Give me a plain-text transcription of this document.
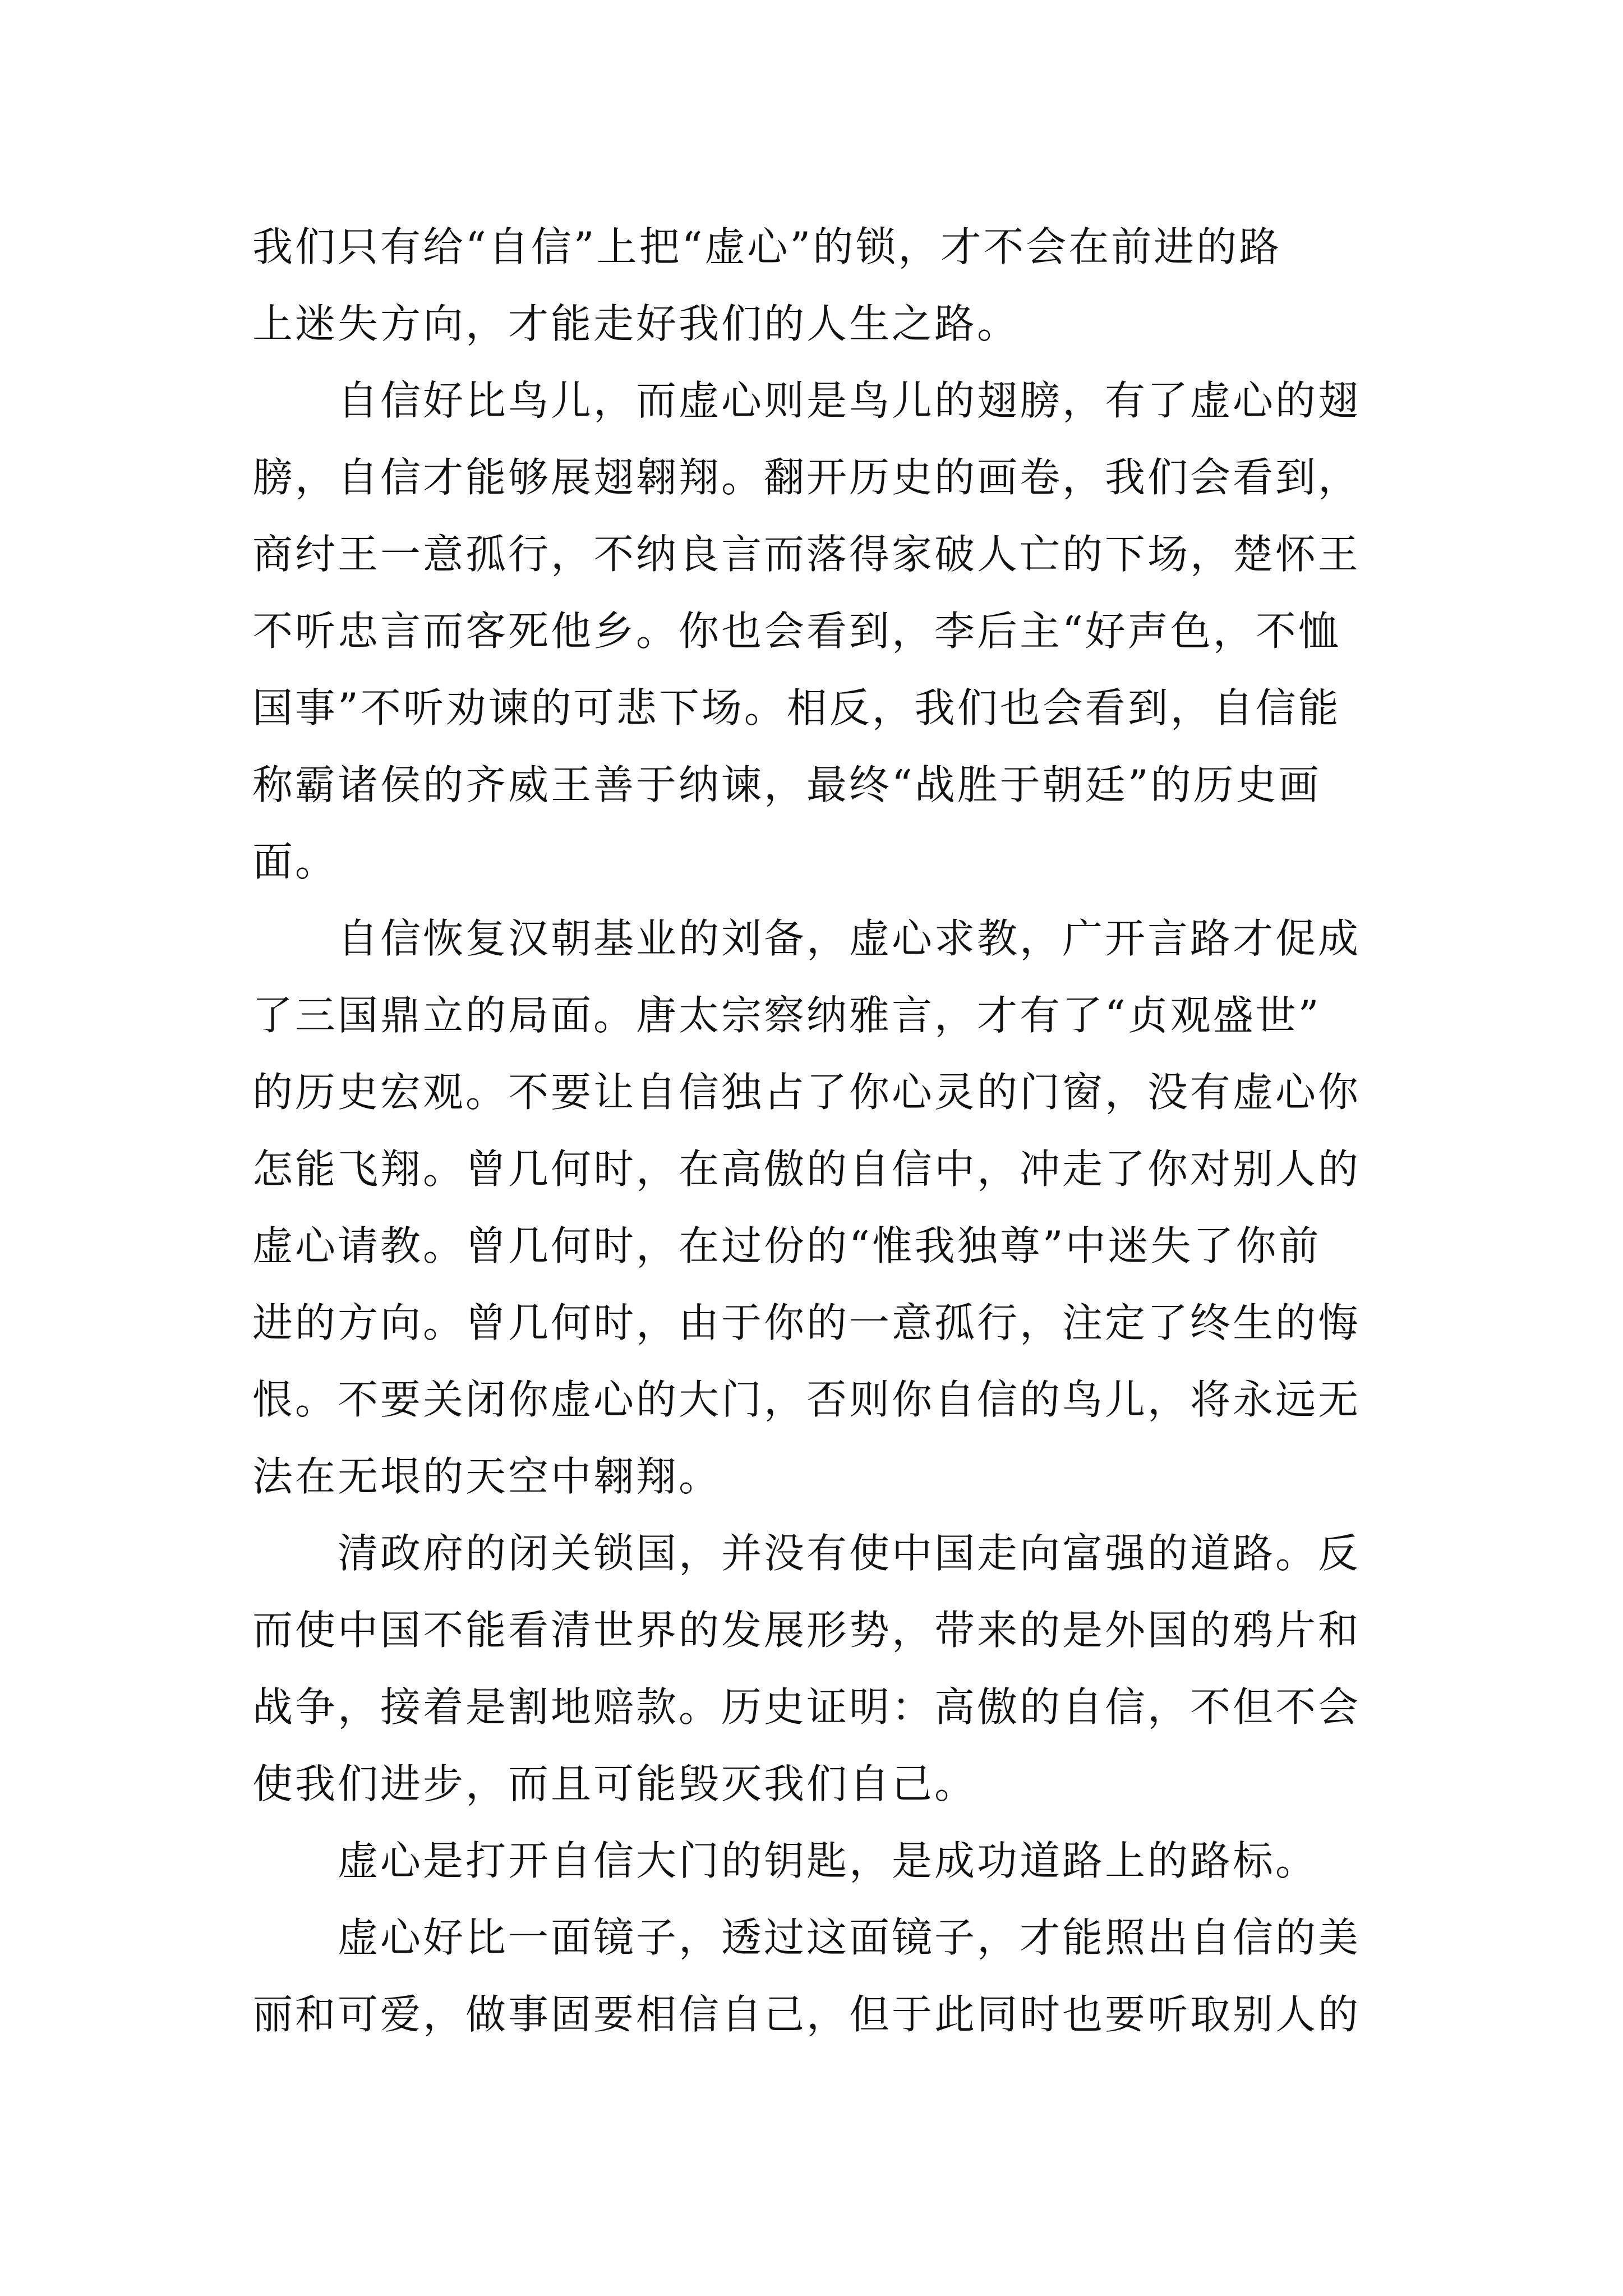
我们只有给“自信”上把“虚心”的锁，才不会在前进的路
上迷失方向，才能走好我们的人生之路。
自信好比鸟儿，而虚心则是鸟儿的翅膀，有了虚心的翅
膀，自信才能够展翅翱翔。翻开历史的画卷，我们会看到，
商纣王一意孤行，不纳良言而落得家破人亡的下场，楚怀王
不听忠言而客死他乡。你也会看到，李后主“好声色，不恤
国事”不听劝谏的可悲下场。相反，我们也会看到，自信能
称霸诸侯的齐威王善于纳谏，最终“战胜于朝廷”的历史画
面。
自信恢复汉朝基业的刘备，虚心求教，广开言路才促成
了三国鼎立的局面。唐太宗察纳雅言，才有了“贞观盛世”
的历史宏观。不要让自信独占了你心灵的门窗，没有虚心你
怎能飞翔。曾几何时，在高傲的自信中，冲走了你对别人的
虚心请教。曾几何时，在过份的“惟我独尊”中迷失了你前
进的方向。曾几何时，由于你的一意孤行，注定了终生的悔
恨。不要关闭你虚心的大门，否则你自信的鸟儿，将永远无
法在无垠的天空中翱翔。
清政府的闭关锁国，并没有使中国走向富强的道路。反
而使中国不能看清世界的发展形势，带来的是外国的鸦片和
战争，接着是割地赔款。历史证明：高傲的自信，不但不会
使我们进步，而且可能毁灭我们自己。
虚心是打开自信大门的钥匙，是成功道路上的路标。
虚心好比一面镜子，透过这面镜子，才能照出自信的美
丽和可爱，做事固要相信自己，但于此同时也要听取别人的
